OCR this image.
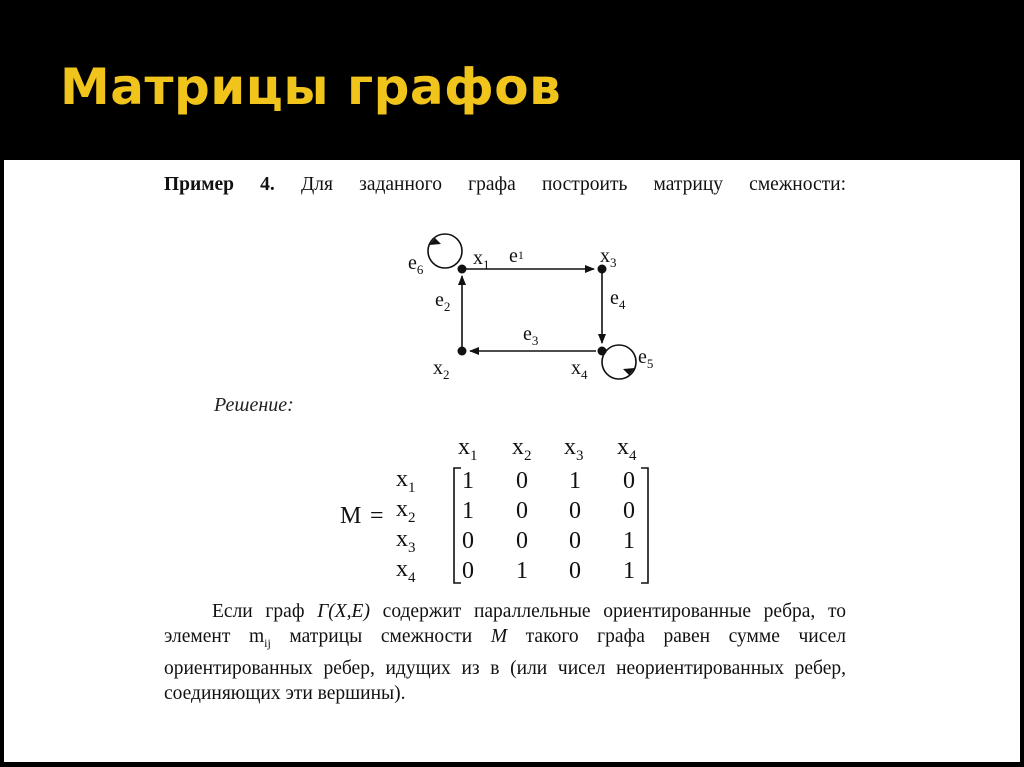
Матрицы графов
Пример 4. Для заданного графа построить матрицу смежности:
$x_1$
$x_2$
$x_3$
$x_4$
e1
$e_2$
$e_3$
$e_4$
$e_5$
$e_6$
Решение:
M =
$x_1$ $x_2$ $x_3$ $x_4$
$x_1$
$x_2$
$x_3$
$x_4$
1 0 1 0
1 0 0 0
0 0 0 1
0 1 0 1
Если граф Г(X,E) содержит параллельные ориентированные ребра, то элемент $m_{ij}$ матрицы смежности M такого графа равен сумме чисел ориентированных ребер, идущих из в (или чисел неориентированных ребер, соединяющих эти вершины).
